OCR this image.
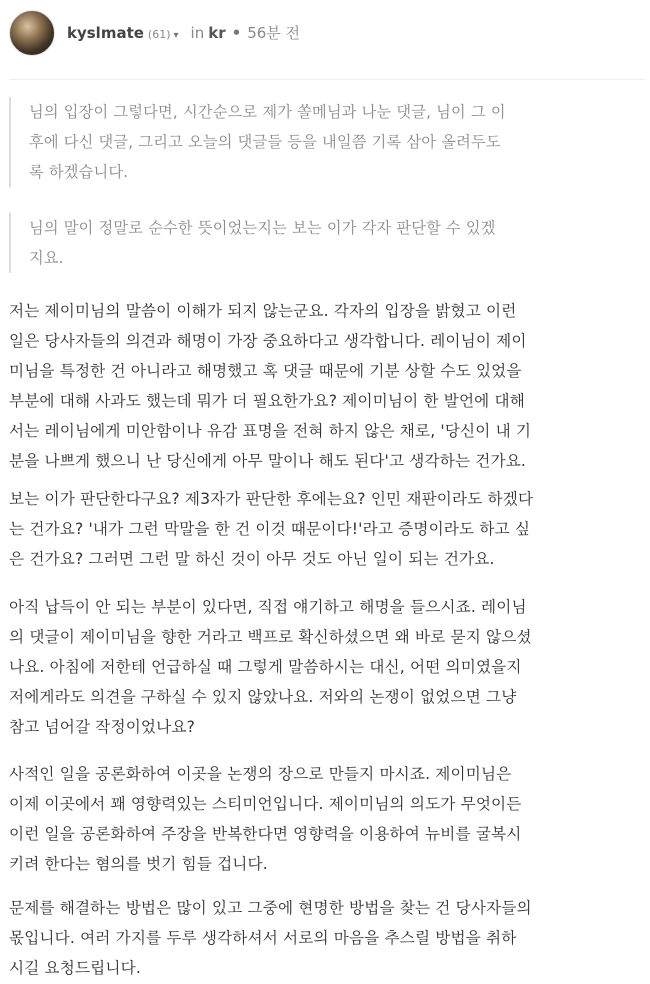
kyslmate (61) ▾ in kr • 56분 전
님의 입장이 그렇다면, 시간순으로 제가 쏠메님과 나눈 댓글, 님이 그 이
후에 다신 댓글, 그리고 오늘의 댓글들 등을 내일쯤 기록 삼아 올려두도
록 하겠습니다.
님의 말이 정말로 순수한 뜻이었는지는 보는 이가 각자 판단할 수 있겠
지요.
저는 제이미님의 말씀이 이해가 되지 않는군요. 각자의 입장을 밝혔고 이런
일은 당사자들의 의견과 해명이 가장 중요하다고 생각합니다. 레이님이 제이
미님을 특정한 건 아니라고 해명했고 혹 댓글 때문에 기분 상할 수도 있었을
부분에 대해 사과도 했는데 뭐가 더 필요한가요? 제이미님이 한 발언에 대해
서는 레이님에게 미안함이나 유감 표명을 전혀 하지 않은 채로, '당신이 내 기
분을 나쁘게 했으니 난 당신에게 아무 말이나 해도 된다'고 생각하는 건가요.
보는 이가 판단한다구요? 제3자가 판단한 후에는요? 인민 재판이라도 하겠다
는 건가요? '내가 그런 막말을 한 건 이것 때문이다!'라고 증명이라도 하고 싶
은 건가요? 그러면 그런 말 하신 것이 아무 것도 아닌 일이 되는 건가요.
아직 납득이 안 되는 부분이 있다면, 직접 얘기하고 해명을 들으시죠. 레이님
의 댓글이 제이미님을 향한 거라고 백프로 확신하셨으면 왜 바로 묻지 않으셨
나요. 아침에 저한테 언급하실 때 그렇게 말씀하시는 대신, 어떤 의미였을지
저에게라도 의견을 구하실 수 있지 않았나요. 저와의 논쟁이 없었으면 그냥
참고 넘어갈 작정이었나요?
사적인 일을 공론화하여 이곳을 논쟁의 장으로 만들지 마시죠. 제이미님은
이제 이곳에서 꽤 영향력있는 스티미언입니다. 제이미님의 의도가 무엇이든
이런 일을 공론화하여 주장을 반복한다면 영향력을 이용하여 뉴비를 굴복시
키려 한다는 혐의를 벗기 힘들 겁니다.
문제를 해결하는 방법은 많이 있고 그중에 현명한 방법을 찾는 건 당사자들의
몫입니다. 여러 가지를 두루 생각하셔서 서로의 마음을 추스릴 방법을 취하
시길 요청드립니다.
